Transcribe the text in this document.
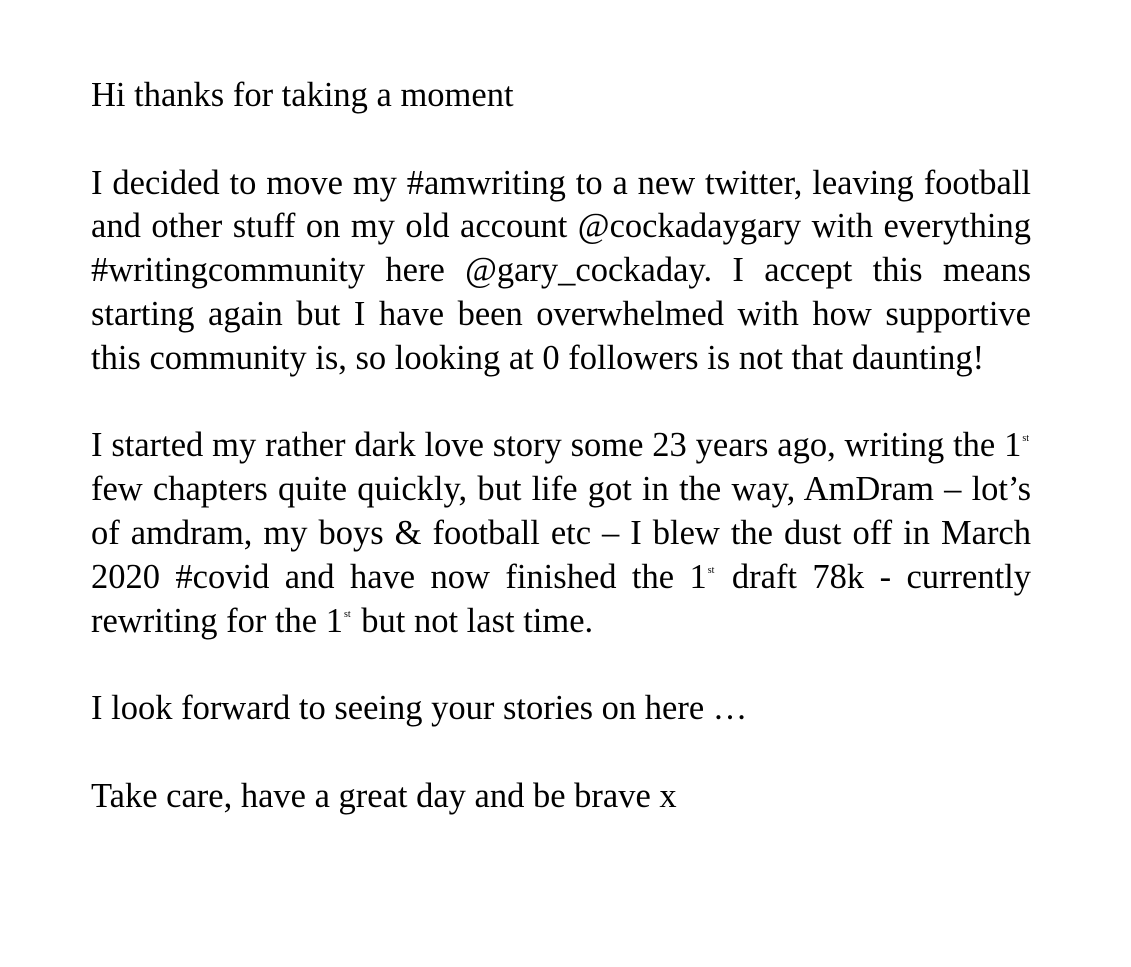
Hi thanks for taking a moment

I decided to move my #amwriting to a new twitter, leaving football and other stuff on my old account @cockadaygary with everything #writingcommunity here @gary_cockaday. I accept this means starting again but I have been overwhelmed with how supportive this community is, so looking at 0 followers is not that daunting!

I started my rather dark love story some 23 years ago, writing the 1st few chapters quite quickly, but life got in the way, AmDram – lot’s of amdram, my boys & football etc – I blew the dust off in March 2020 #covid and have now finished the 1st draft 78k - currently rewriting for the 1st but not last time.

I look forward to seeing your stories on here …

Take care, have a great day and be brave x
